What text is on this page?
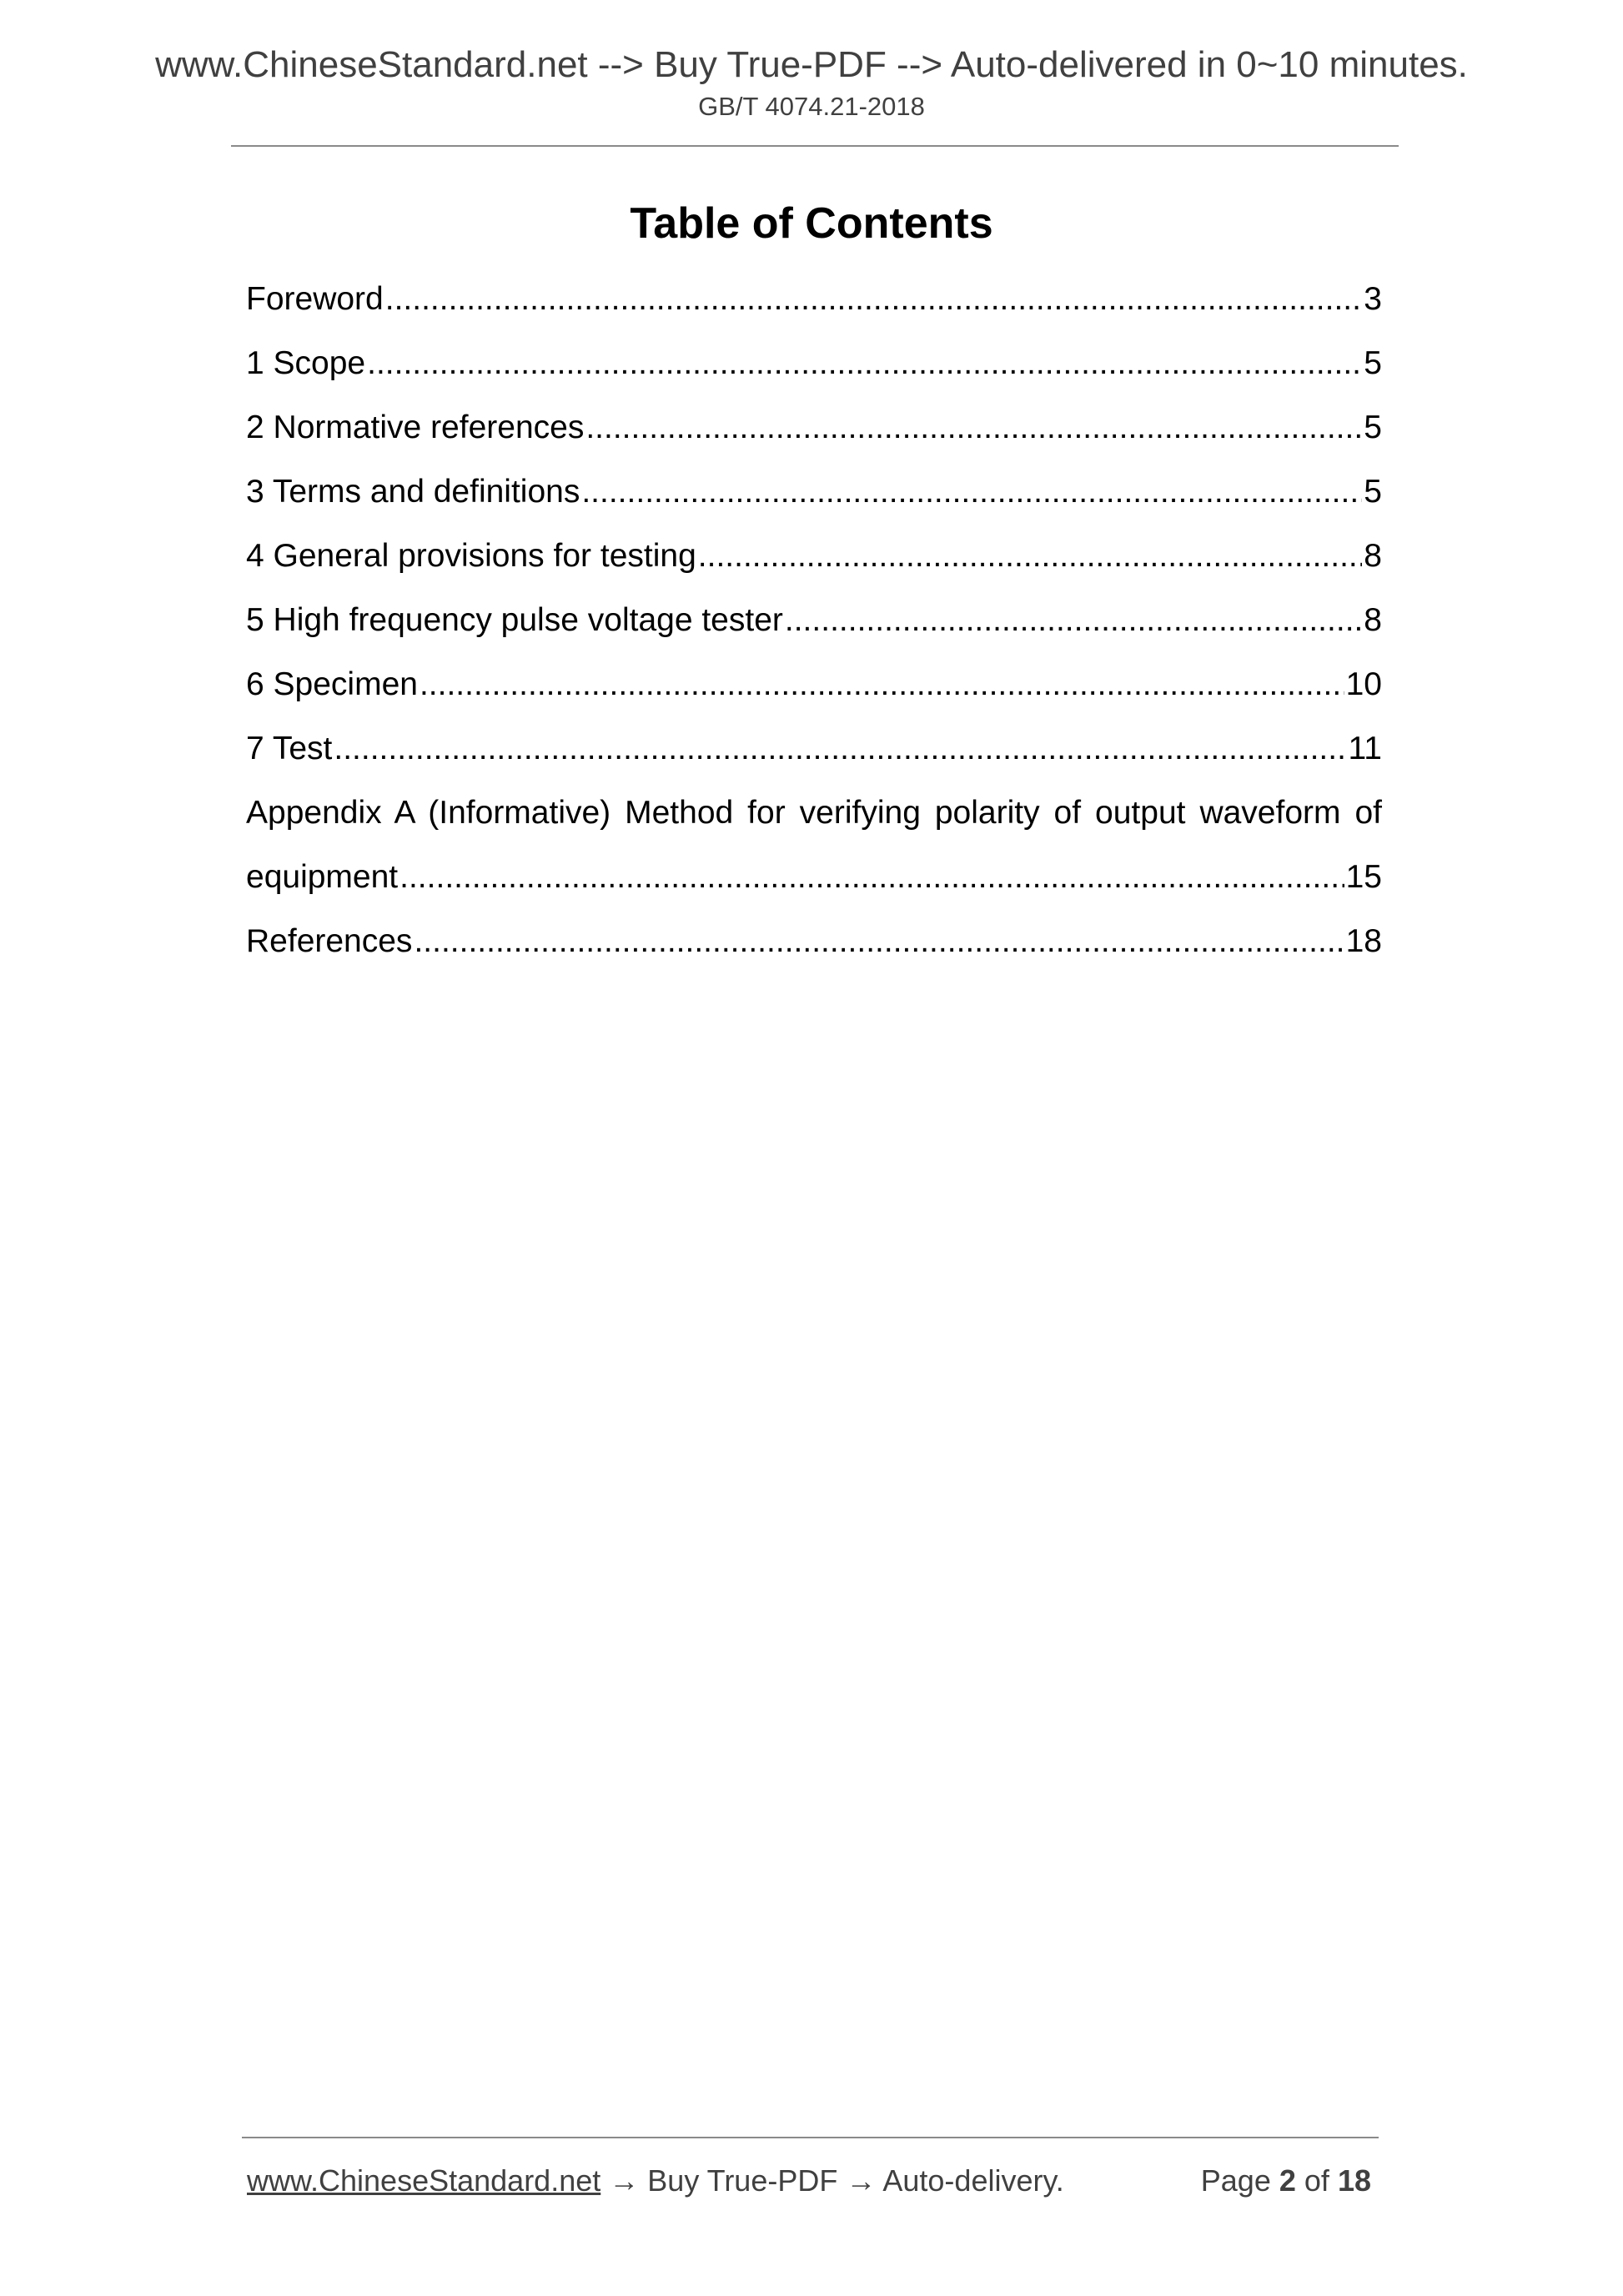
www.ChineseStandard.net --> Buy True-PDF --> Auto-delivered in 0~10 minutes.
GB/T 4074.21-2018
Table of Contents
Foreword .....	3
1 Scope .....	5
2 Normative references .....	5
3 Terms and definitions .....	5
4 General provisions for testing .....	8
5 High frequency pulse voltage tester .....	8
6 Specimen .....	10
7 Test .....	11
Appendix A (Informative) Method for verifying polarity of output waveform of
equipment .....	15
References .....	18
www.ChineseStandard.net → Buy True-PDF → Auto-delivery.	Page 2 of 18
